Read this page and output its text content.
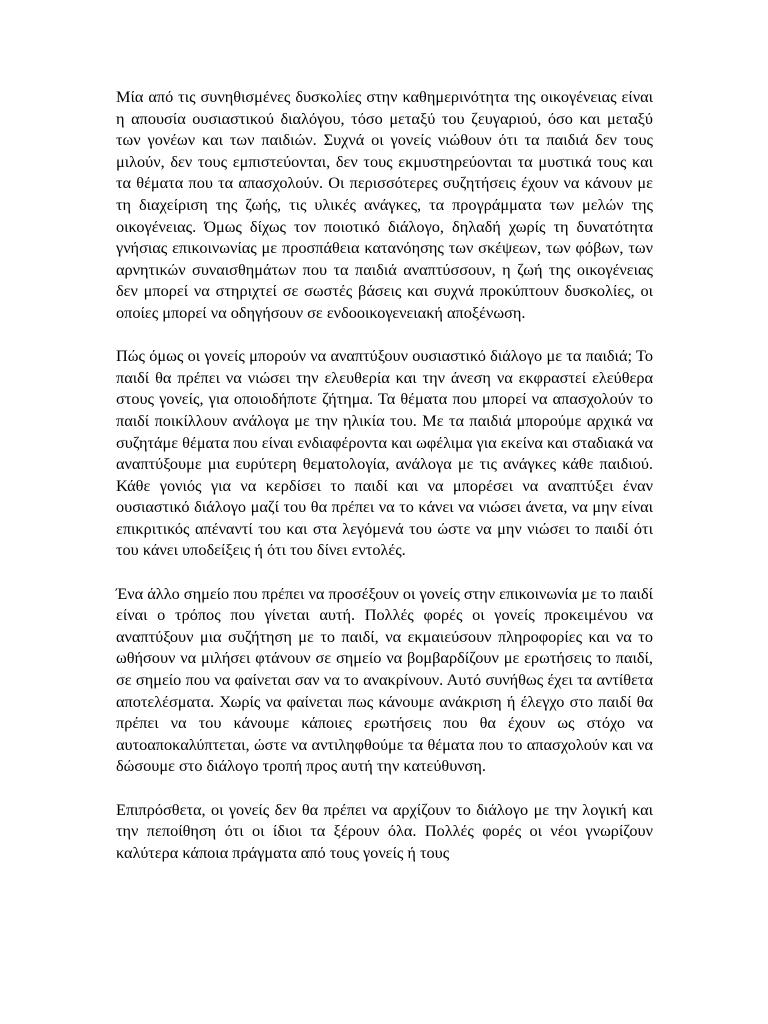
Μία από τις συνηθισμένες δυσκολίες στην καθημερινότητα της οικογένειας είναι η απουσία ουσιαστικού διαλόγου, τόσο μεταξύ του ζευγαριού, όσο και μεταξύ των γονέων και των παιδιών. Συχνά οι γονείς νιώθουν ότι τα παιδιά δεν τους μιλούν, δεν τους εμπιστεύονται, δεν τους εκμυστηρεύονται τα μυστικά τους και τα θέματα που τα απασχολούν. Οι περισσότερες συζητήσεις έχουν να κάνουν με τη διαχείριση της ζωής, τις υλικές ανάγκες, τα προγράμματα των μελών της οικογένειας. Όμως δίχως τον ποιοτικό διάλογο, δηλαδή χωρίς τη δυνατότητα γνήσιας επικοινωνίας με προσπάθεια κατανόησης των σκέψεων, των φόβων, των αρνητικών συναισθημάτων που τα παιδιά αναπτύσσουν, η ζωή της οικογένειας δεν μπορεί να στηριχτεί σε σωστές βάσεις και συχνά προκύπτουν δυσκολίες, οι οποίες μπορεί να οδηγήσουν σε ενδοοικογενειακή αποξένωση.

Πώς όμως οι γονείς μπορούν να αναπτύξουν ουσιαστικό διάλογο με τα παιδιά; Το παιδί θα πρέπει να νιώσει την ελευθερία και την άνεση να εκφραστεί ελεύθερα στους γονείς, για οποιοδήποτε ζήτημα. Τα θέματα που μπορεί να απασχολούν το παιδί ποικίλλουν ανάλογα με την ηλικία του. Με τα παιδιά μπορούμε αρχικά να συζητάμε θέματα που είναι ενδιαφέροντα και ωφέλιμα για εκείνα και σταδιακά να αναπτύξουμε μια ευρύτερη θεματολογία, ανάλογα με τις ανάγκες κάθε παιδιού. Κάθε γονιός για να κερδίσει το παιδί και να μπορέσει να αναπτύξει έναν ουσιαστικό διάλογο μαζί του θα πρέπει να το κάνει να νιώσει άνετα, να μην είναι επικριτικός απέναντί του και στα λεγόμενά του ώστε να μην νιώσει το παιδί ότι του κάνει υποδείξεις ή ότι του δίνει εντολές.

Ένα άλλο σημείο που πρέπει να προσέξουν οι γονείς στην επικοινωνία με το παιδί είναι ο τρόπος που γίνεται αυτή. Πολλές φορές οι γονείς προκειμένου να αναπτύξουν μια συζήτηση με το παιδί, να εκμαιεύσουν πληροφορίες και να το ωθήσουν να μιλήσει φτάνουν σε σημείο να βομβαρδίζουν με ερωτήσεις το παιδί, σε σημείο που να φαίνεται σαν να το ανακρίνουν. Αυτό συνήθως έχει τα αντίθετα αποτελέσματα. Χωρίς να φαίνεται πως κάνουμε ανάκριση ή έλεγχο στο παιδί θα πρέπει να του κάνουμε κάποιες ερωτήσεις που θα έχουν ως στόχο να αυτοαποκαλύπτεται, ώστε να αντιληφθούμε τα θέματα που το απασχολούν και να δώσουμε στο διάλογο τροπή προς αυτή την κατεύθυνση.

Επιπρόσθετα, οι γονείς δεν θα πρέπει να αρχίζουν το διάλογο με την λογική και την πεποίθηση ότι οι ίδιοι τα ξέρουν όλα. Πολλές φορές οι νέοι γνωρίζουν καλύτερα κάποια πράγματα από τους γονείς ή τους
